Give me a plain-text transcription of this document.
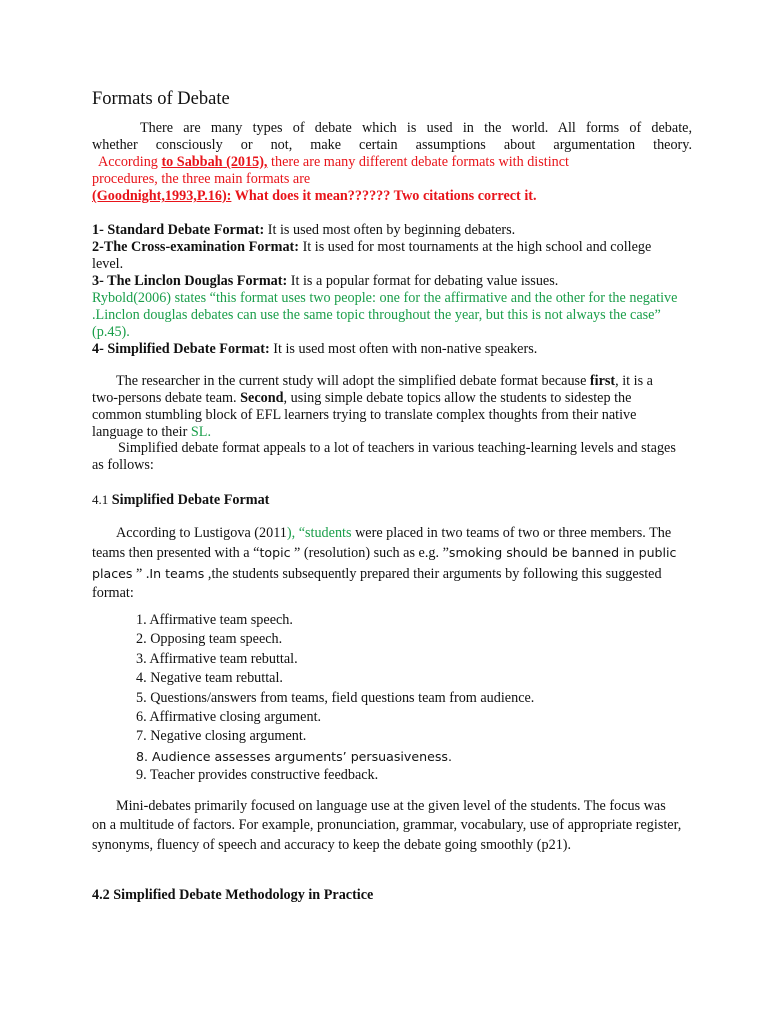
Formats of Debate

There are many types of debate which is used in the world. All forms of debate,

whether consciously or not, make certain assumptions about argumentation theory.

According to Sabbah (2015), there are many different debate formats with distinct

procedures, the three main formats are

(Goodnight,1993,P.16): What does it mean?????? Two citations correct it.

1- Standard Debate Format: It is used most often by beginning debaters.

2-The Cross-examination Format: It is used for most tournaments at the high school and college level.

3- The Linclon Douglas Format: It is a popular format for debating value issues.

Rybold(2006) states “this format uses two people: one for the affirmative and the other for the negative .Linclon douglas debates can use the same topic throughout the year, but this is not always the case” (p.45).

4- Simplified Debate Format: It is used most often with non-native speakers.

The researcher in the current study will adopt the simplified debate format because first, it is a two-persons debate team. Second, using simple debate topics allow the students to sidestep the common stumbling block of EFL learners trying to translate complex thoughts from their native language to their SL.

Simplified debate format appeals to a lot of teachers in various teaching-learning levels and stages as follows:

4.1 Simplified Debate Format

According to Lustigova (2011), “students were placed in two teams of two or three members. The teams then presented with a “topic ” (resolution) such as e.g. ”smoking should be banned in public places ” .In teams ,the students subsequently prepared their arguments by following this suggested format:

1. Affirmative team speech.
2. Opposing team speech.
3. Affirmative team rebuttal.
4. Negative team rebuttal.
5. Questions/answers from teams, field questions team from audience.
6. Affirmative closing argument.
7. Negative closing argument.
8. Audience assesses arguments’ persuasiveness.
9. Teacher provides constructive feedback.

Mini-debates primarily focused on language use at the given level of the students. The focus was on a multitude of factors. For example, pronunciation, grammar, vocabulary, use of appropriate register, synonyms, fluency of speech and accuracy to keep the debate going smoothly (p21).

4.2 Simplified Debate Methodology in Practice
